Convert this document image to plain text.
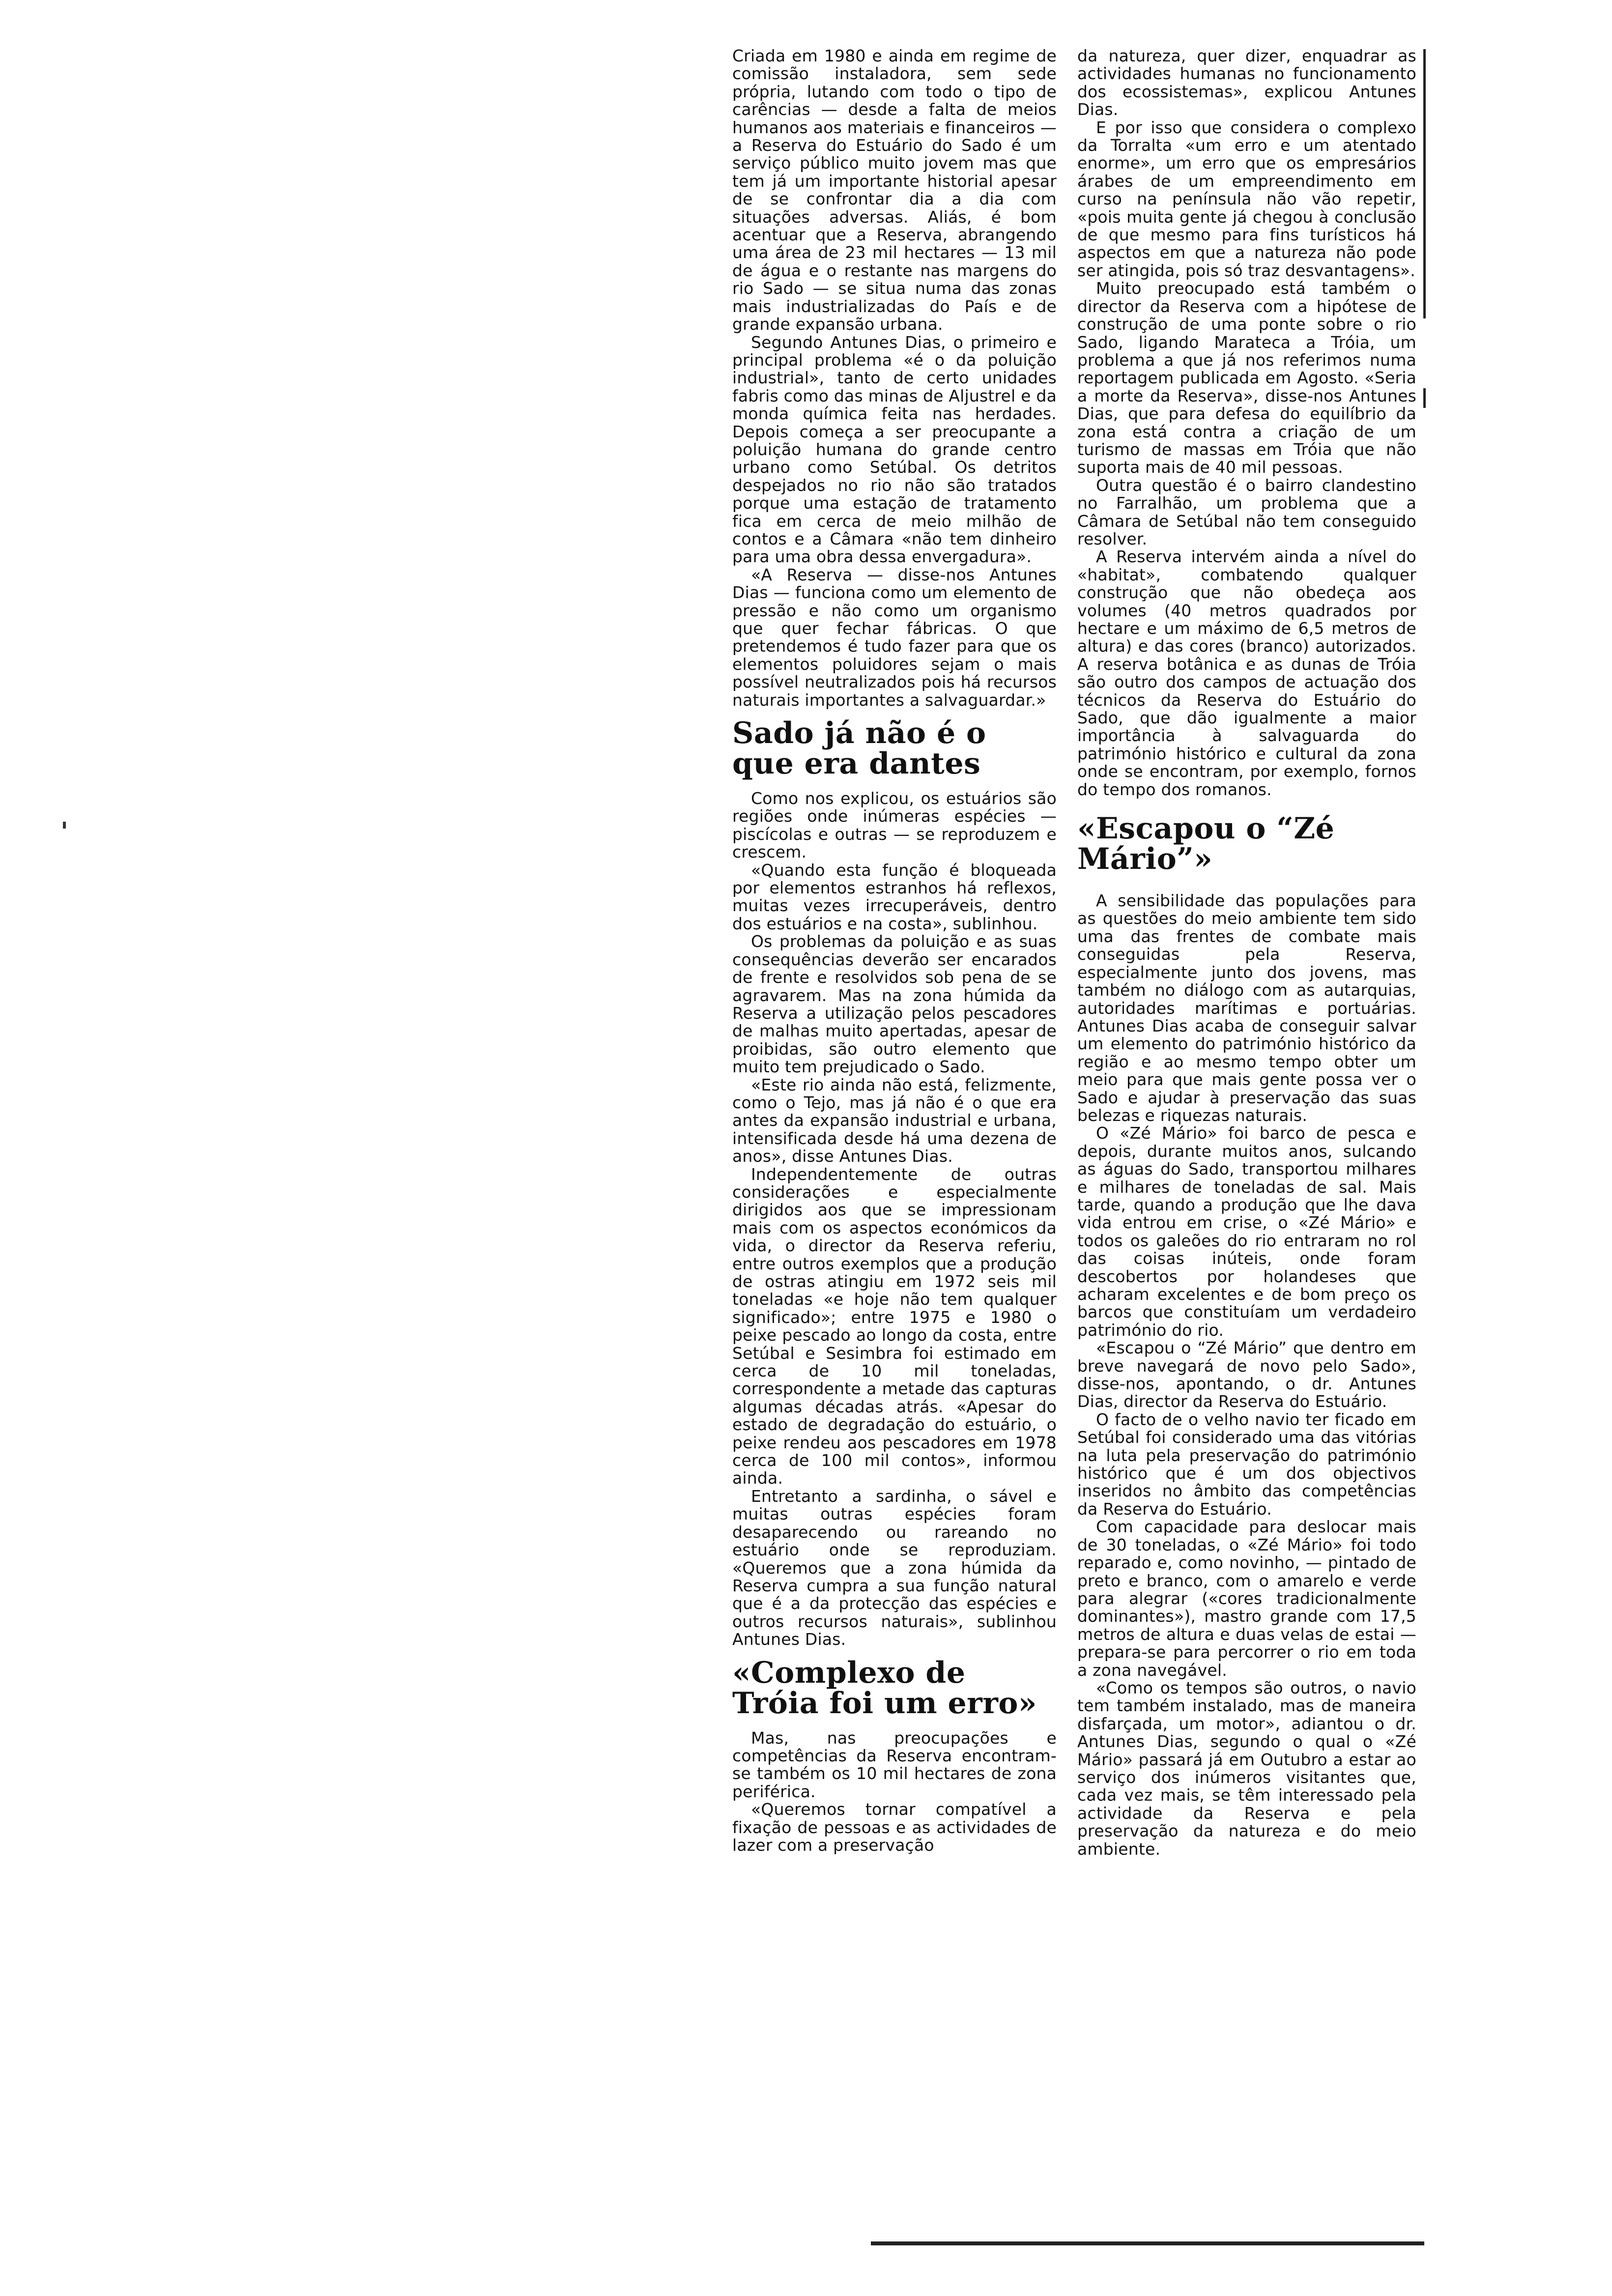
Criada em 1980 e ainda em regime de comissão instaladora, sem sede própria, lutando com todo o tipo de carências — desde a falta de meios humanos aos materiais e financeiros — a Reserva do Estuário do Sado é um serviço público muito jovem mas que tem já um importante historial apesar de se confrontar dia a dia com situações adversas. Aliás, é bom acentuar que a Reserva, abrangendo uma área de 23 mil hectares — 13 mil de água e o restante nas margens do rio Sado — se situa numa das zonas mais industrializadas do País e de grande expansão urbana.

Segundo Antunes Dias, o primeiro e principal problema «é o da poluição industrial», tanto de certo unidades fabris como das minas de Aljustrel e da monda química feita nas herdades. Depois começa a ser preocupante a poluição humana do grande centro urbano como Setúbal. Os detritos despejados no rio não são tratados porque uma estação de tratamento fica em cerca de meio milhão de contos e a Câmara «não tem dinheiro para uma obra dessa envergadura».

«A Reserva — disse-nos Antunes Dias — funciona como um elemento de pressão e não como um organismo que quer fechar fábricas. O que pretendemos é tudo fazer para que os elementos poluidores sejam o mais possível neutralizados pois há recursos naturais importantes a salvaguardar.»

Sado já não é o que era dantes

Como nos explicou, os estuários são regiões onde inúmeras espécies — piscícolas e outras — se reproduzem e crescem.

«Quando esta função é bloqueada por elementos estranhos há reflexos, muitas vezes irrecuperáveis, dentro dos estuários e na costa», sublinhou.

Os problemas da poluição e as suas consequências deverão ser encarados de frente e resolvidos sob pena de se agravarem. Mas na zona húmida da Reserva a utilização pelos pescadores de malhas muito apertadas, apesar de proibidas, são outro elemento que muito tem prejudicado o Sado.

«Este rio ainda não está, felizmente, como o Tejo, mas já não é o que era antes da expansão industrial e urbana, intensificada desde há uma dezena de anos», disse Antunes Dias.

Independentemente de outras considerações e especialmente dirigidos aos que se impressionam mais com os aspectos económicos da vida, o director da Reserva referiu, entre outros exemplos que a produção de ostras atingiu em 1972 seis mil toneladas «e hoje não tem qualquer significado»; entre 1975 e 1980 o peixe pescado ao longo da costa, entre Setúbal e Sesimbra foi estimado em cerca de 10 mil toneladas, correspondente a metade das capturas algumas décadas atrás. «Apesar do estado de degradação do estuário, o peixe rendeu aos pescadores em 1978 cerca de 100 mil contos», informou ainda.

Entretanto a sardinha, o sável e muitas outras espécies foram desaparecendo ou rareando no estuário onde se reproduziam. «Queremos que a zona húmida da Reserva cumpra a sua função natural que é a da protecção das espécies e outros recursos naturais», sublinhou Antunes Dias.

«Complexo de Tróia foi um erro»

Mas, nas preocupações e competências da Reserva encontram-se também os 10 mil hectares de zona periférica.

«Queremos tornar compatível a fixação de pessoas e as actividades de lazer com a preservação

da natureza, quer dizer, enquadrar as actividades humanas no funcionamento dos ecossistemas», explicou Antunes Dias.

E por isso que considera o complexo da Torralta «um erro e um atentado enorme», um erro que os empresários árabes de um empreendimento em curso na península não vão repetir, «pois muita gente já chegou à conclusão de que mesmo para fins turísticos há aspectos em que a natureza não pode ser atingida, pois só traz desvantagens».

Muito preocupado está também o director da Reserva com a hipótese de construção de uma ponte sobre o rio Sado, ligando Marateca a Tróia, um problema a que já nos referimos numa reportagem publicada em Agosto. «Seria a morte da Reserva», disse-nos Antunes Dias, que para defesa do equilíbrio da zona está contra a criação de um turismo de massas em Tróia que não suporta mais de 40 mil pessoas.

Outra questão é o bairro clandestino no Farralhão, um problema que a Câmara de Setúbal não tem conseguido resolver.

A Reserva intervém ainda a nível do «habitat», combatendo qualquer construção que não obedeça aos volumes (40 metros quadrados por hectare e um máximo de 6,5 metros de altura) e das cores (branco) autorizados. A reserva botânica e as dunas de Tróia são outro dos campos de actuação dos técnicos da Reserva do Estuário do Sado, que dão igualmente a maior importância à salvaguarda do património histórico e cultural da zona onde se encontram, por exemplo, fornos do tempo dos romanos.

«Escapou o “Zé Mário”»

A sensibilidade das populações para as questões do meio ambiente tem sido uma das frentes de combate mais conseguidas pela Reserva, especialmente junto dos jovens, mas também no diálogo com as autarquias, autoridades marítimas e portuárias. Antunes Dias acaba de conseguir salvar um elemento do património histórico da região e ao mesmo tempo obter um meio para que mais gente possa ver o Sado e ajudar à preservação das suas belezas e riquezas naturais.

O «Zé Mário» foi barco de pesca e depois, durante muitos anos, sulcando as águas do Sado, transportou milhares e milhares de toneladas de sal. Mais tarde, quando a produção que lhe dava vida entrou em crise, o «Zé Mário» e todos os galeões do rio entraram no rol das coisas inúteis, onde foram descobertos por holandeses que acharam excelentes e de bom preço os barcos que constituíam um verdadeiro património do rio.

«Escapou o “Zé Mário” que dentro em breve navegará de novo pelo Sado», disse-nos, apontando, o dr. Antunes Dias, director da Reserva do Estuário.

O facto de o velho navio ter ficado em Setúbal foi considerado uma das vitórias na luta pela preservação do património histórico que é um dos objectivos inseridos no âmbito das competências da Reserva do Estuário.

Com capacidade para deslocar mais de 30 toneladas, o «Zé Mário» foi todo reparado e, como novinho, — pintado de preto e branco, com o amarelo e verde para alegrar («cores tradicionalmente dominantes»), mastro grande com 17,5 metros de altura e duas velas de estai — prepara-se para percorrer o rio em toda a zona navegável.

«Como os tempos são outros, o navio tem também instalado, mas de maneira disfarçada, um motor», adiantou o dr. Antunes Dias, segundo o qual o «Zé Mário» passará já em Outubro a estar ao serviço dos inúmeros visitantes que, cada vez mais, se têm interessado pela actividade da Reserva e pela preservação da natureza e do meio ambiente.
